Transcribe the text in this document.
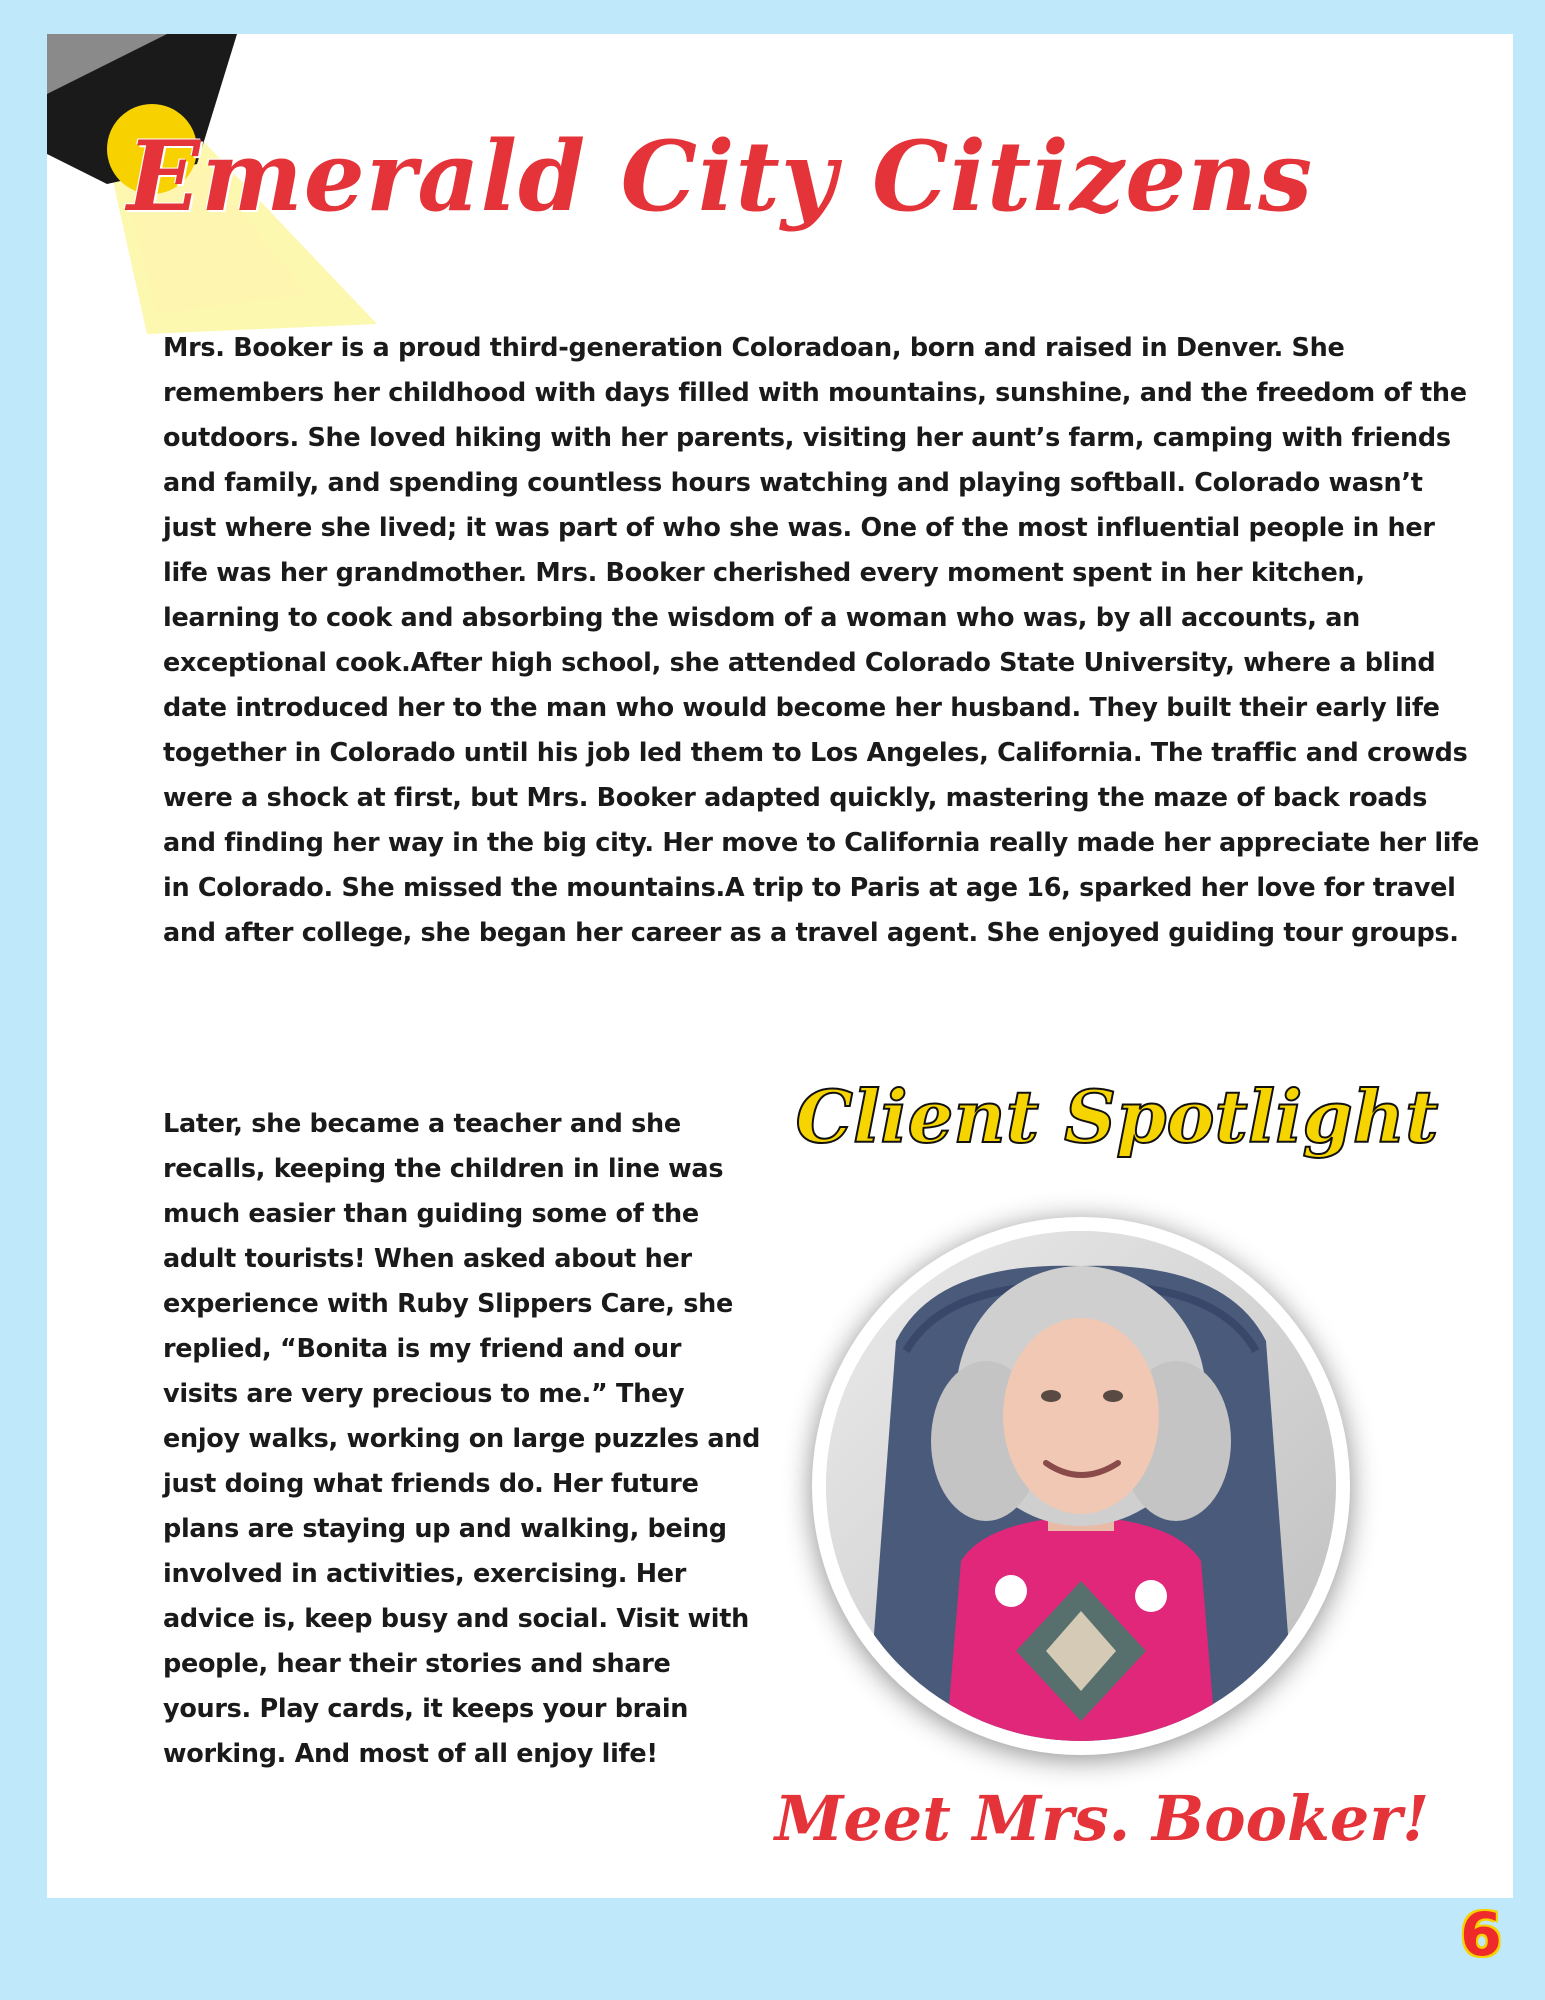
Emerald City Citizens

Mrs. Booker is a proud third-generation Coloradoan, born and raised in Denver. She remembers her childhood with days filled with mountains, sunshine, and the freedom of the outdoors. She loved hiking with her parents, visiting her aunt’s farm, camping with friends and family, and spending countless hours watching and playing softball. Colorado wasn’t just where she lived; it was part of who she was. One of the most influential people in her life was her grandmother. Mrs. Booker cherished every moment spent in her kitchen, learning to cook and absorbing the wisdom of a woman who was, by all accounts, an exceptional cook.After high school, she attended Colorado State University, where a blind date introduced her to the man who would become her husband. They built their early life together in Colorado until his job led them to Los Angeles, California. The traffic and crowds were a shock at first, but Mrs. Booker adapted quickly, mastering the maze of back roads and finding her way in the big city. Her move to California really made her appreciate her life in Colorado. She missed the mountains.A trip to Paris at age 16, sparked her love for travel and after college, she began her career as a travel agent. She enjoyed guiding tour groups.

Later, she became a teacher and she recalls, keeping the children in line was much easier than guiding some of the adult tourists! When asked about her experience with Ruby Slippers Care, she replied, “Bonita is my friend and our visits are very precious to me.” They enjoy walks, working on large puzzles and just doing what friends do. Her future plans are staying up and walking, being involved in activities, exercising. Her advice is, keep busy and social. Visit with people, hear their stories and share yours. Play cards, it keeps your brain working. And most of all enjoy life!

Client Spotlight
Meet Mrs. Booker!
6
